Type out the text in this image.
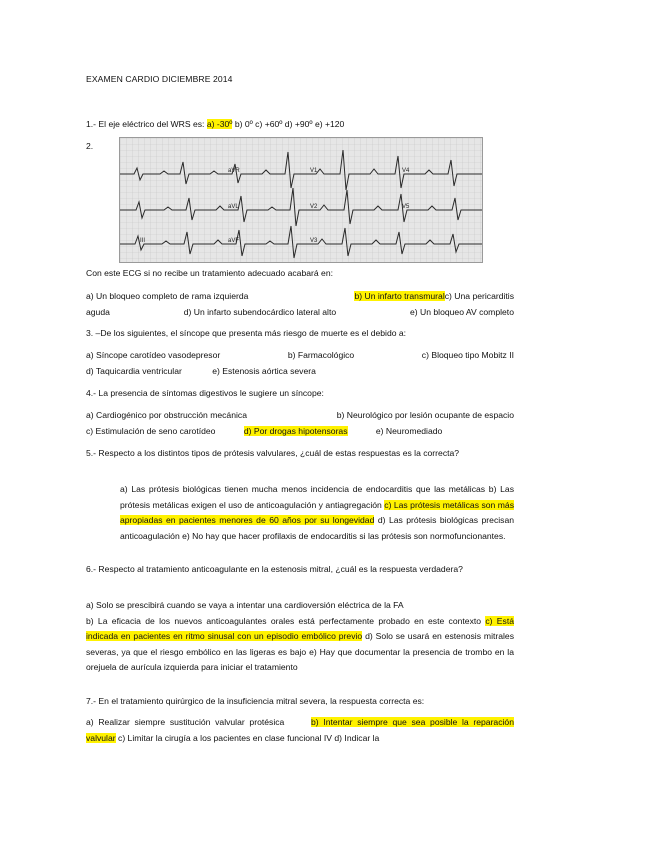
EXAMEN CARDIO DICIEMBRE 2014
1.- El eje eléctrico del WRS es: a) -30º b) 0º c) +60º d) +90º e) +120
2.
aVR	V1	V4
aVL	V2	V5
aVF	V3
III
Con este ECG si no recibe un tratamiento adecuado acabará en:
a) Un bloqueo completo de rama izquierda	b) Un infarto transmuralc) Una pericarditis
aguda	d) Un infarto subendocárdico lateral alto	e) Un bloqueo AV completo
3. –De los siguientes, el síncope que presenta más riesgo de muerte es el debido a:
a) Síncope carotídeo vasodepresor	b) Farmacológico	c) Bloqueo tipo Mobitz II
d) Taquicardia ventricular	e) Estenosis aórtica severa
4.- La presencia de síntomas digestivos le sugiere un síncope:
a) Cardiogénico por obstrucción mecánica	b) Neurológico por lesión ocupante de espacio
c) Estimulación de seno carotídeo	d) Por drogas hipotensoras	e) Neuromediado
5.- Respecto a los distintos tipos de prótesis valvulares, ¿cuál de estas respuestas es la correcta?
a) Las prótesis biológicas tienen mucha menos incidencia de endocarditis que las metálicas b) Las prótesis metálicas exigen el uso de anticoagulación y antiagregación c) Las prótesis metálicas son más apropiadas en pacientes menores de 60 años por su longevidad d) Las prótesis biológicas precisan anticoagulación e) No hay que hacer profilaxis de endocarditis si las prótesis son normofuncionantes.
6.- Respecto al tratamiento anticoagulante en la estenosis mitral, ¿cuál es la respuesta verdadera?
a) Solo se prescibirá cuando se vaya a intentar una cardioversión eléctrica de la FA
b) La eficacia de los nuevos anticoagulantes orales está perfectamente probado en este contexto c) Está indicada en pacientes en ritmo sinusal con un episodio embólico previo d) Solo se usará en estenosis mitrales severas, ya que el riesgo embólico en las ligeras es bajo e) Hay que documentar la presencia de trombo en la orejuela de aurícula izquierda para iniciar el tratamiento
7.- En el tratamiento quirúrgico de la insuficiencia mitral severa, la respuesta correcta es:
a) Realizar siempre sustitución valvular protésica	b) Intentar siempre que sea posible la reparación valvular c) Limitar la cirugía a los pacientes en clase funcional IV d) Indicar la
